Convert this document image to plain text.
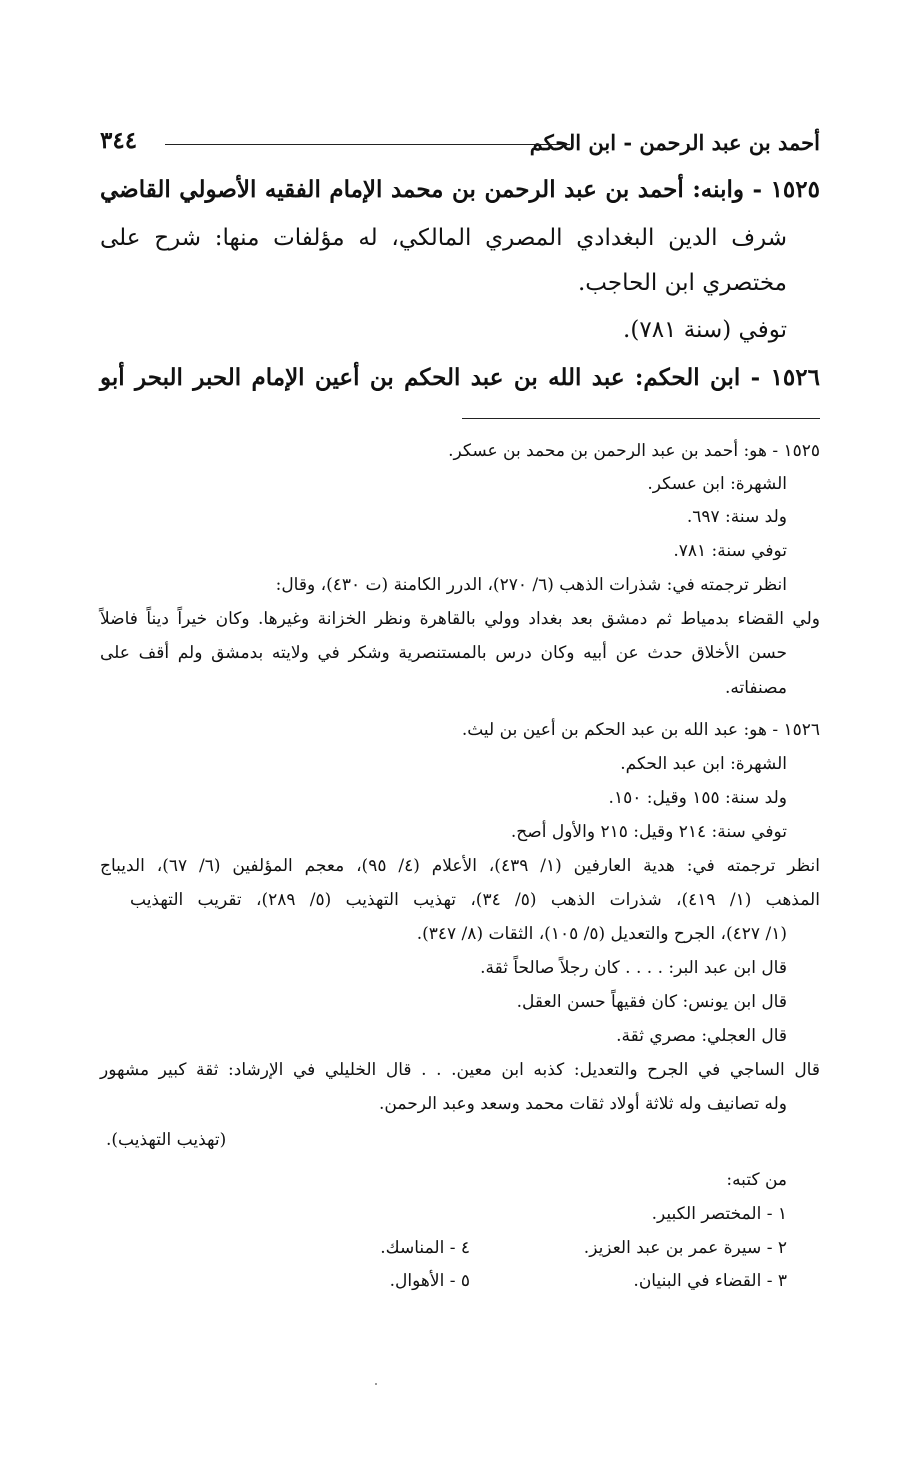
أحمد بن عبد الرحمن - ابن الحكم
٣٤٤
١٥٢٥ - وابنه: أحمد بن عبد الرحمن بن محمد الإمام الفقيه الأصولي القاضي
شرف الدين البغدادي المصري المالكي، له مؤلفات منها: شرح على
مختصري ابن الحاجب.
توفي (سنة ٧٨١).
١٥٢٦ - ابن الحكم: عبد الله بن عبد الحكم بن أعين الإمام الحبر البحر أبو
١٥٢٥ - هو: أحمد بن عبد الرحمن بن محمد بن عسكر.
الشهرة: ابن عسكر.
ولد سنة: ٦٩٧.
توفي سنة: ٧٨١.
انظر ترجمته في: شذرات الذهب (٦/ ٢٧٠)، الدرر الكامنة (ت ٤٣٠)، وقال:
ولي القضاء بدمياط ثم دمشق بعد بغداد وولي بالقاهرة ونظر الخزانة وغيرها. وكان خيراً ديناً فاضلاً
حسن الأخلاق حدث عن أبيه وكان درس بالمستنصرية وشكر في ولايته بدمشق ولم أقف على
مصنفاته.
١٥٢٦ - هو: عبد الله بن عبد الحكم بن أعين بن ليث.
الشهرة: ابن عبد الحكم.
ولد سنة: ١٥٥ وقيل: ١٥٠.
توفي سنة: ٢١٤ وقيل: ٢١٥ والأول أصح.
انظر ترجمته في: هدية العارفين (١/ ٤٣٩)، الأعلام (٤/ ٩٥)، معجم المؤلفين (٦/ ٦٧)، الديباج
المذهب (١/ ٤١٩)، شذرات الذهب (٥/ ٣٤)، تهذيب التهذيب (٥/ ٢٨٩)، تقريب التهذيب
(١/ ٤٢٧)، الجرح والتعديل (٥/ ١٠٥)، الثقات (٨/ ٣٤٧).
قال ابن عبد البر: . . . . كان رجلاً صالحاً ثقة.
قال ابن يونس: كان فقيهاً حسن العقل.
قال العجلي: مصري ثقة.
قال الساجي في الجرح والتعديل: كذبه ابن معين. . . قال الخليلي في الإرشاد: ثقة كبير مشهور
وله تصانيف وله ثلاثة أولاد ثقات محمد وسعد وعبد الرحمن.
(تهذيب التهذيب).
من كتبه:
١ - المختصر الكبير.
٢ - سيرة عمر بن عبد العزيز.
٣ - القضاء في البنيان.
٤ - المناسك.
٥ - الأهوال.
